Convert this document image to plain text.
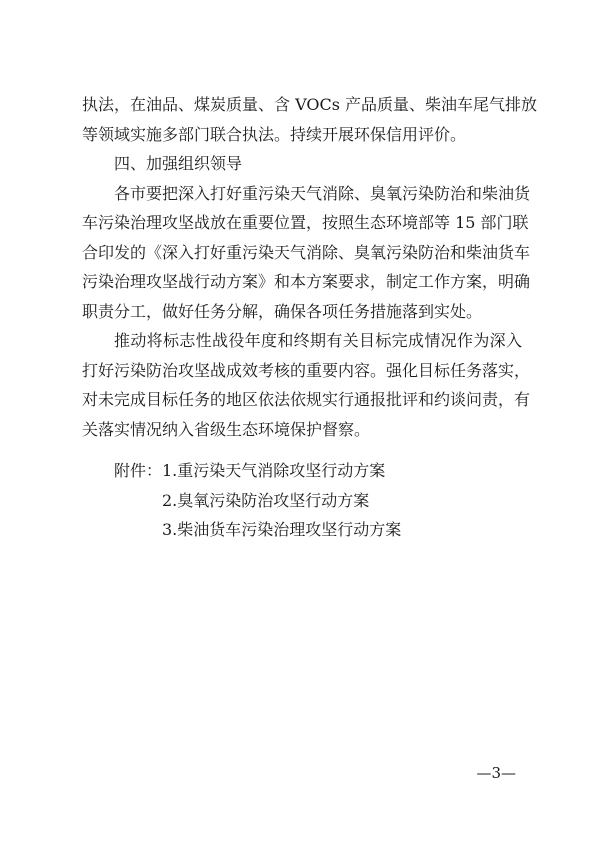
执法，在油品、煤炭质量、含 VOCs 产品质量、柴油车尾气排放
等领域实施多部门联合执法。持续开展环保信用评价。
四、加强组织领导
各市要把深入打好重污染天气消除、臭氧污染防治和柴油货
车污染治理攻坚战放在重要位置，按照生态环境部等 15 部门联
合印发的《深入打好重污染天气消除、臭氧污染防治和柴油货车
污染治理攻坚战行动方案》和本方案要求，制定工作方案，明确
职责分工，做好任务分解，确保各项任务措施落到实处。
推动将标志性战役年度和终期有关目标完成情况作为深入
打好污染防治攻坚战成效考核的重要内容。强化目标任务落实，
对未完成目标任务的地区依法依规实行通报批评和约谈问责，有
关落实情况纳入省级生态环境保护督察。
附件：1.重污染天气消除攻坚行动方案
2.臭氧污染防治攻坚行动方案
3.柴油货车污染治理攻坚行动方案
—3—
